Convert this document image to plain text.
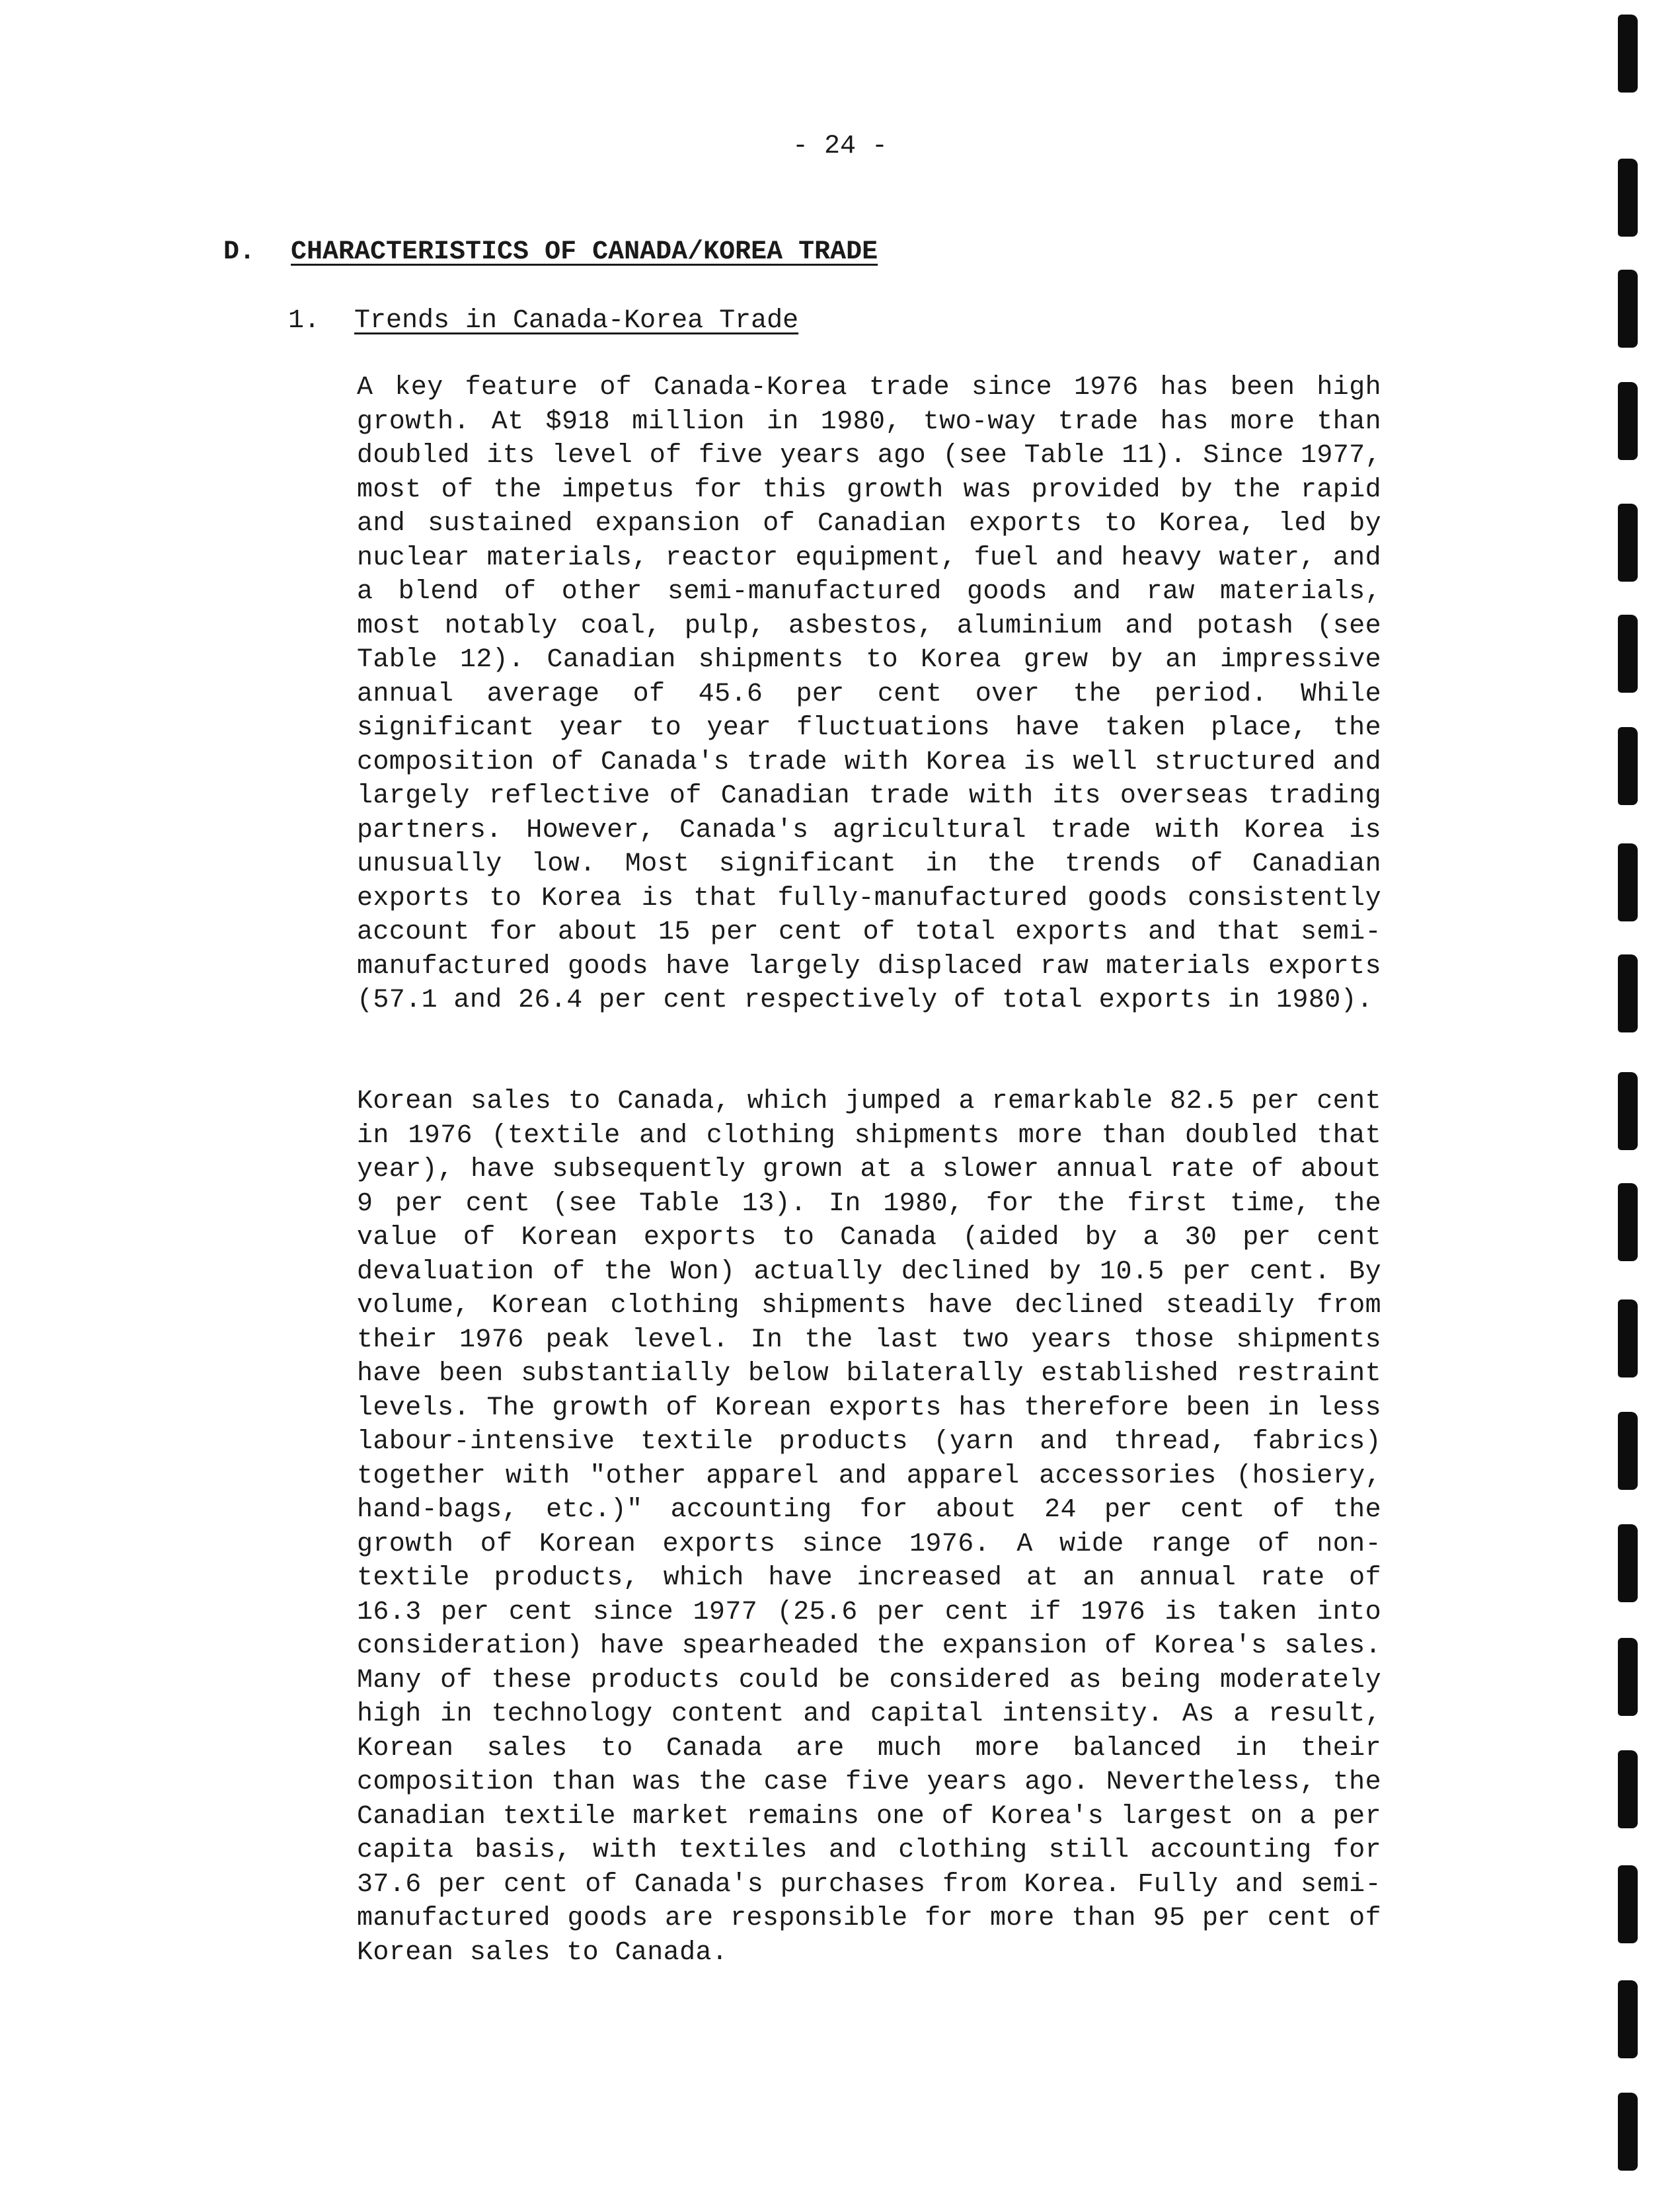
- 24 -
D. CHARACTERISTICS OF CANADA/KOREA TRADE
1. Trends in Canada-Korea Trade
A key feature of Canada-Korea trade since 1976 has been high growth. At $918 million in 1980, two-way trade has more than doubled its level of five years ago (see Table 11). Since 1977, most of the impetus for this growth was provided by the rapid and sustained expansion of Canadian exports to Korea, led by nuclear materials, reactor equipment, fuel and heavy water, and a blend of other semi-manufactured goods and raw materials, most notably coal, pulp, asbestos, aluminium and potash (see Table 12). Canadian shipments to Korea grew by an impressive annual average of 45.6 per cent over the period. While significant year to year fluctuations have taken place, the composition of Canada's trade with Korea is well structured and largely reflective of Canadian trade with its overseas trading partners. However, Canada's agricultural trade with Korea is unusually low. Most significant in the trends of Canadian exports to Korea is that fully-manufactured goods consistently account for about 15 per cent of total exports and that semi-manufactured goods have largely displaced raw materials exports (57.1 and 26.4 per cent respectively of total exports in 1980).
Korean sales to Canada, which jumped a remarkable 82.5 per cent in 1976 (textile and clothing shipments more than doubled that year), have subsequently grown at a slower annual rate of about 9 per cent (see Table 13). In 1980, for the first time, the value of Korean exports to Canada (aided by a 30 per cent devaluation of the Won) actually declined by 10.5 per cent. By volume, Korean clothing shipments have declined steadily from their 1976 peak level. In the last two years those shipments have been substantially below bilaterally established restraint levels. The growth of Korean exports has therefore been in less labour-intensive textile products (yarn and thread, fabrics) together with "other apparel and apparel accessories (hosiery, hand-bags, etc.)" accounting for about 24 per cent of the growth of Korean exports since 1976. A wide range of non-textile products, which have increased at an annual rate of 16.3 per cent since 1977 (25.6 per cent if 1976 is taken into consideration) have spearheaded the expansion of Korea's sales. Many of these products could be considered as being moderately high in technology content and capital intensity. As a result, Korean sales to Canada are much more balanced in their composition than was the case five years ago. Nevertheless, the Canadian textile market remains one of Korea's largest on a per capita basis, with textiles and clothing still accounting for 37.6 per cent of Canada's purchases from Korea. Fully and semi-manufactured goods are responsible for more than 95 per cent of Korean sales to Canada.
